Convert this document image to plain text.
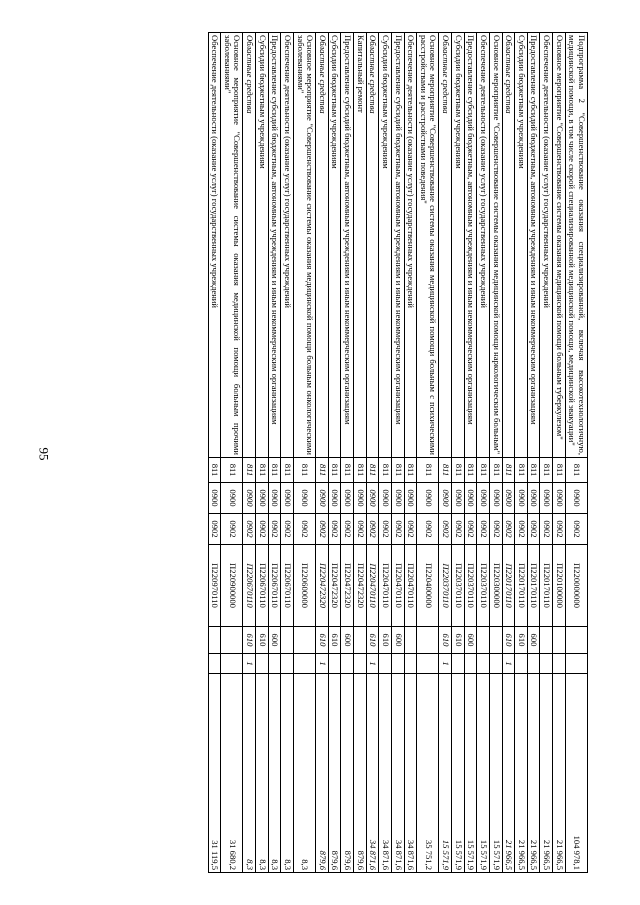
95	Подпрограмма 2 "Совершенствование оказания специализированной, включая высокотехнологичную, медицинской помощи, в том числе скорой специализированной медицинской помощи, медицинской эвакуации"	811	0900	0902	П220000000			104 978,1
Основное мероприятие "Совершенствование системы оказания медицинской помощи больным туберкулезом"	811	0900	0902	П220100000			21 966,5
Обеспечение деятельности (оказание услуг) государственных учреждений	811	0900	0902	П220170110			21 966,5
Предоставление субсидий бюджетным, автономным учреждениям и иным некоммерческим организациям	811	0900	0902	П220170110	600		21 966,5
Субсидии бюджетным учреждениям	811	0900	0902	П220170110	610		21 966,5
Областные средства	811	0900	0902	П220170110	610	1	21 966,5
Основное мероприятие "Совершенствование системы оказания медицинской помощи наркологическим больным"	811	0900	0902	П220300000			15 571,9
Обеспечение деятельности (оказание услуг) государственных учреждений	811	0900	0902	П220370110			15 571,9
Предоставление субсидий бюджетным, автономным учреждениям и иным некоммерческим организациям	811	0900	0902	П220370110	600		15 571,9
Субсидии бюджетным учреждениям	811	0900	0902	П220370110	610		15 571,9
Областные средства	811	0900	0902	П220370110	610	1	15 571,9
Основное мероприятие "Совершенствование системы оказания медицинской помощи больным с психическими расстройствами и расстройствами поведения"	811	0900	0902	П220400000			35 751,2
Обеспечение деятельности (оказание услуг) государственных учреждений	811	0900	0902	П220470110			34 871,6
Предоставление субсидий бюджетным, автономным учреждениям и иным некоммерческим организациям	811	0900	0902	П220470110	600		34 871,6
Субсидии бюджетным учреждениям	811	0900	0902	П220470110	610		34 871,6
Областные средства	811	0900	0902	П220470110	610	1	34 871,6
Капитальный ремонт	811	0900	0902	П220472320			879,6
Предоставление субсидий бюджетным, автономным учреждениям и иным некоммерческим организациям	811	0900	0902	П220472320	600		879,6
Субсидии бюджетным учреждениям	811	0900	0902	П220472320	610		879,6
Областные средства	811	0900	0902	П220472320	610	1	879,6
Основное мероприятие "Совершенствование системы оказания медицинской помощи больным онкологическими заболеваниями"	811	0900	0902	П220600000			8,3
Обеспечение деятельности (оказание услуг) государственных учреждений	811	0900	0902	П220670110			8,3
Предоставление субсидий бюджетным, автономным учреждениям и иным некоммерческим организациям	811	0900	0902	П220670110	600		8,3
Субсидии бюджетным учреждениям	811	0900	0902	П220670110	610		8,3
Областные средства	811	0900	0902	П220670110	610	1	8,3
Основное мероприятие "Совершенствование системы оказания медицинской помощи больным прочими заболеваниями"	811	0900	0902	П220900000			31 680,2
Обеспечение деятельности (оказание услуг) государственных учреждений	811	0900	0902	П220970110			31 119,5
